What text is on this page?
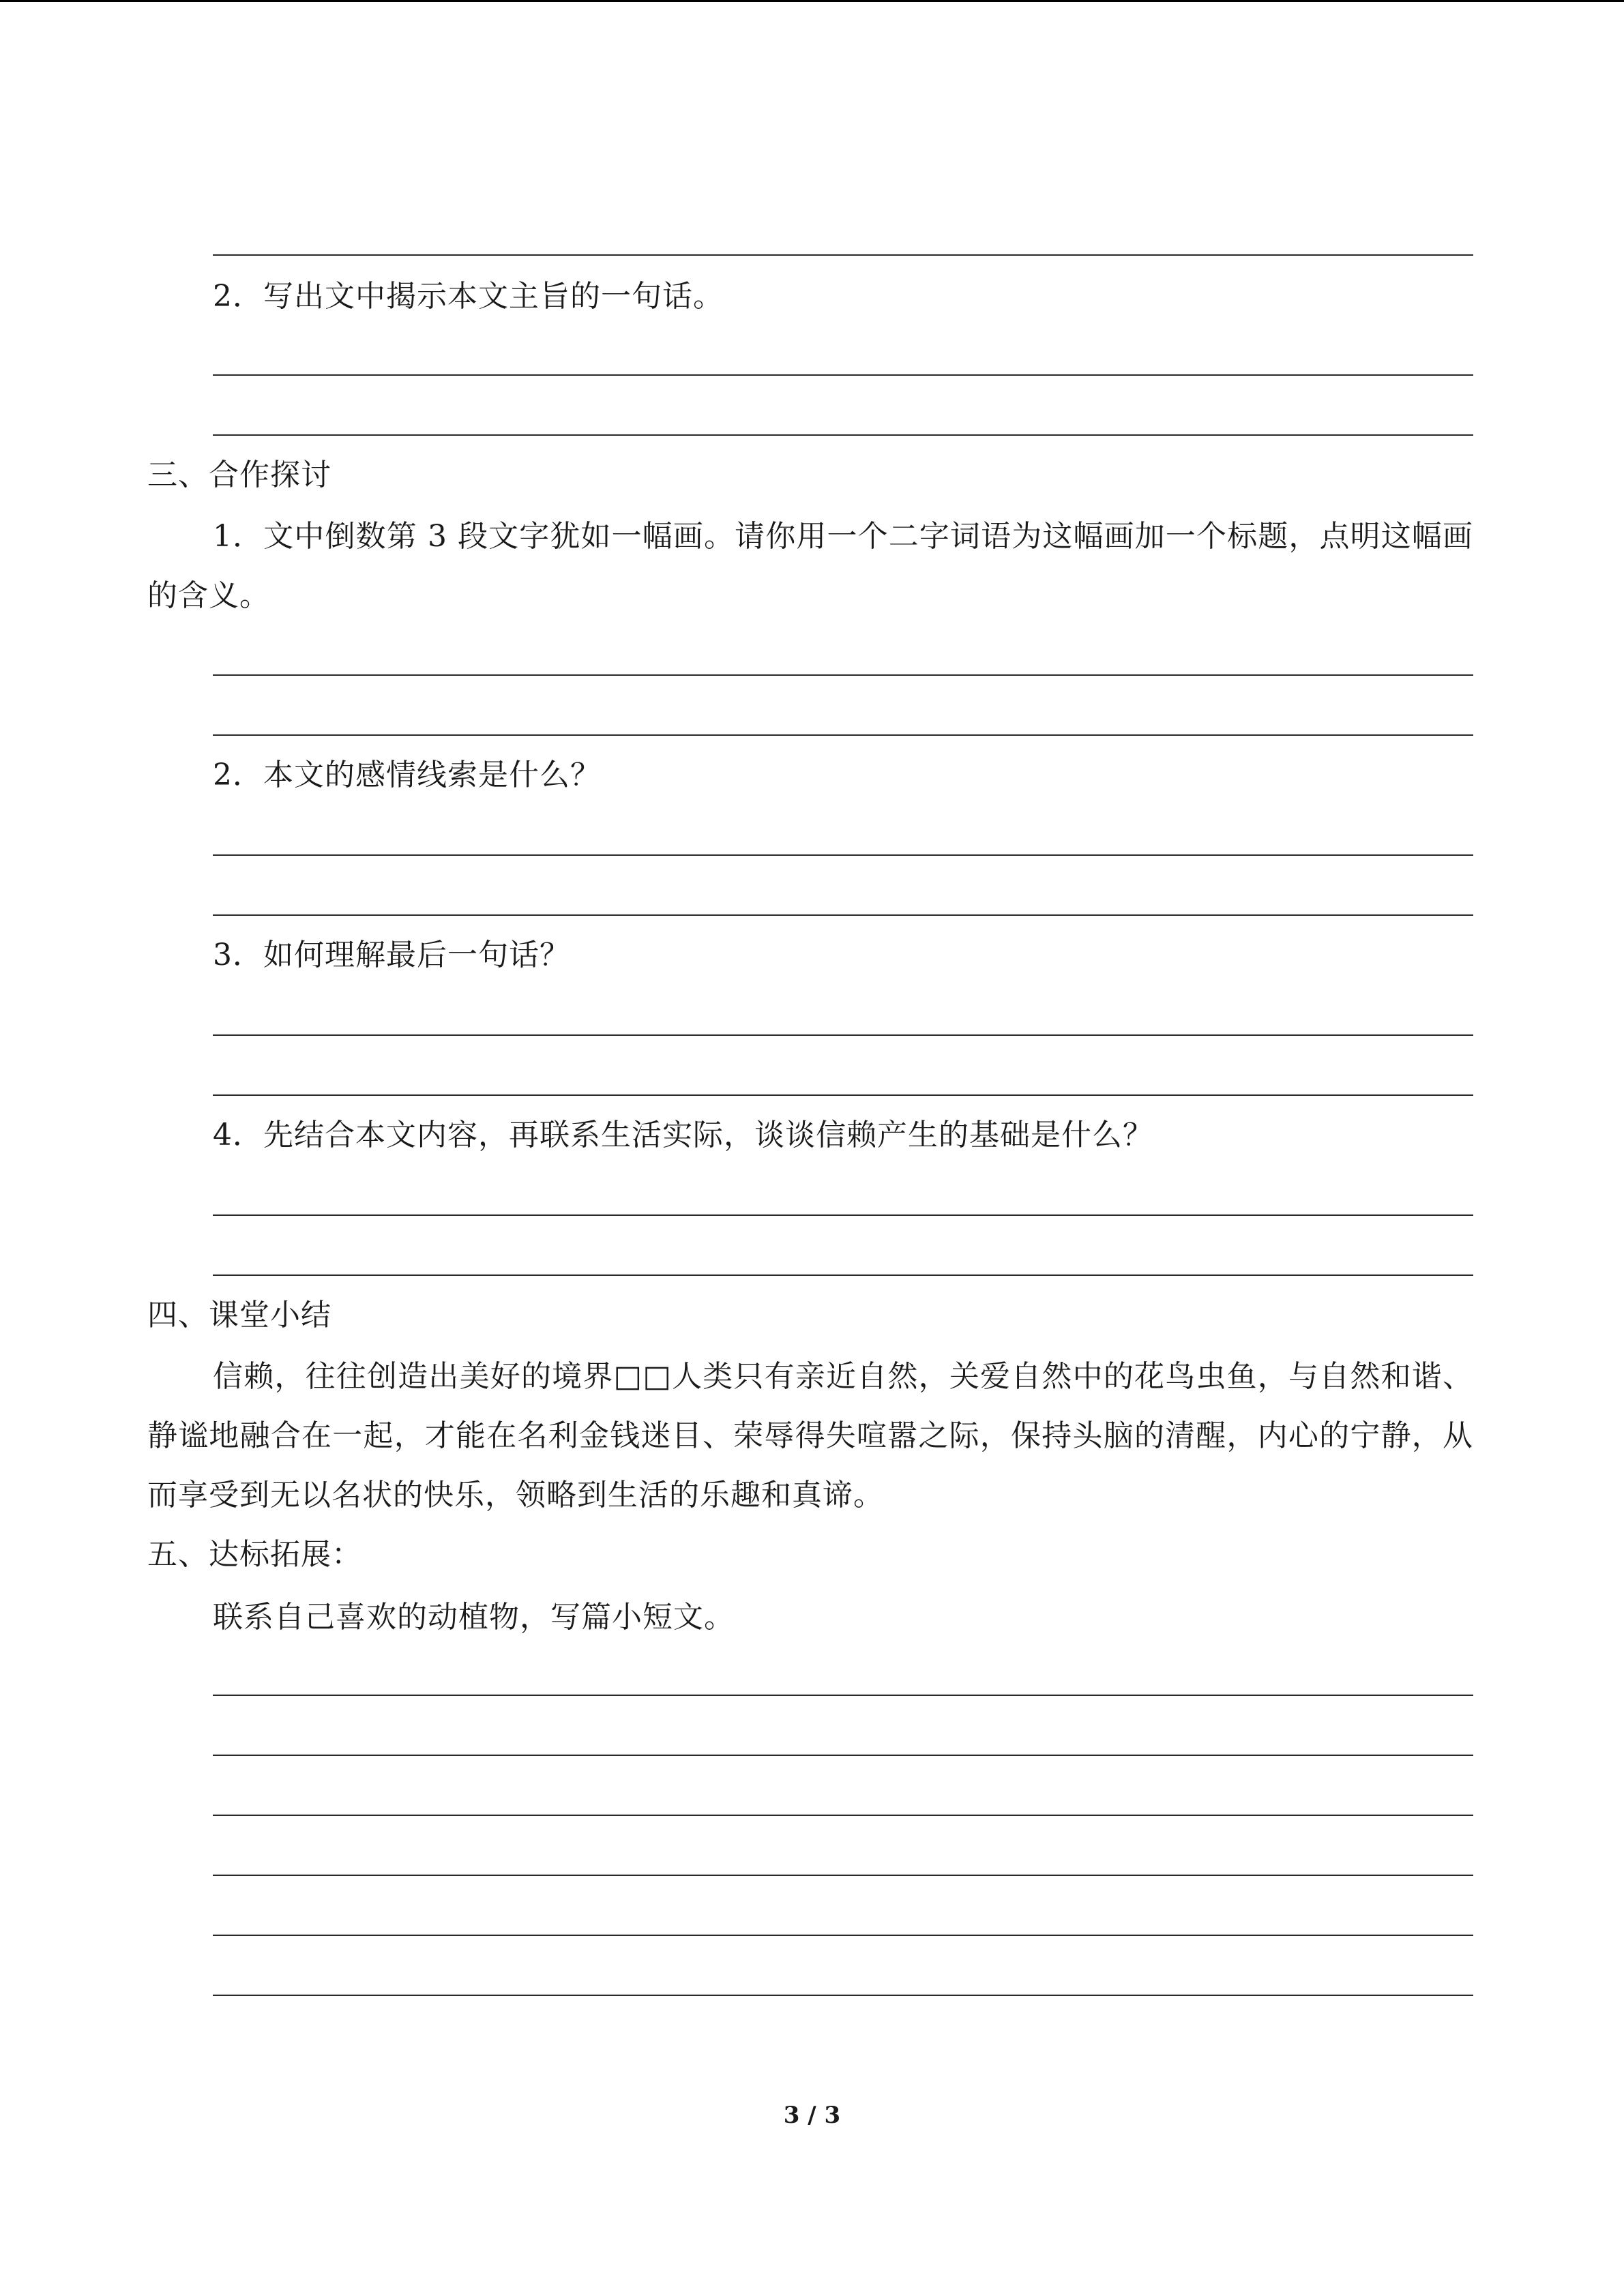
2．写出文中揭示本文主旨的一句话。
三、合作探讨
1．文中倒数第 3 段文字犹如一幅画。请你用一个二字词语为这幅画加一个标题，点明这幅画的含义。
2．本文的感情线索是什么？
3．如何理解最后一句话？
4．先结合本文内容，再联系生活实际，谈谈信赖产生的基础是什么？
四、课堂小结
信赖，往往创造出美好的境界□□人类只有亲近自然，关爱自然中的花鸟虫鱼，与自然和谐、静谧地融合在一起，才能在名利金钱迷目、荣辱得失喧嚣之际，保持头脑的清醒，内心的宁静，从而享受到无以名状的快乐，领略到生活的乐趣和真谛。
五、达标拓展：
联系自己喜欢的动植物，写篇小短文。
3 / 3
